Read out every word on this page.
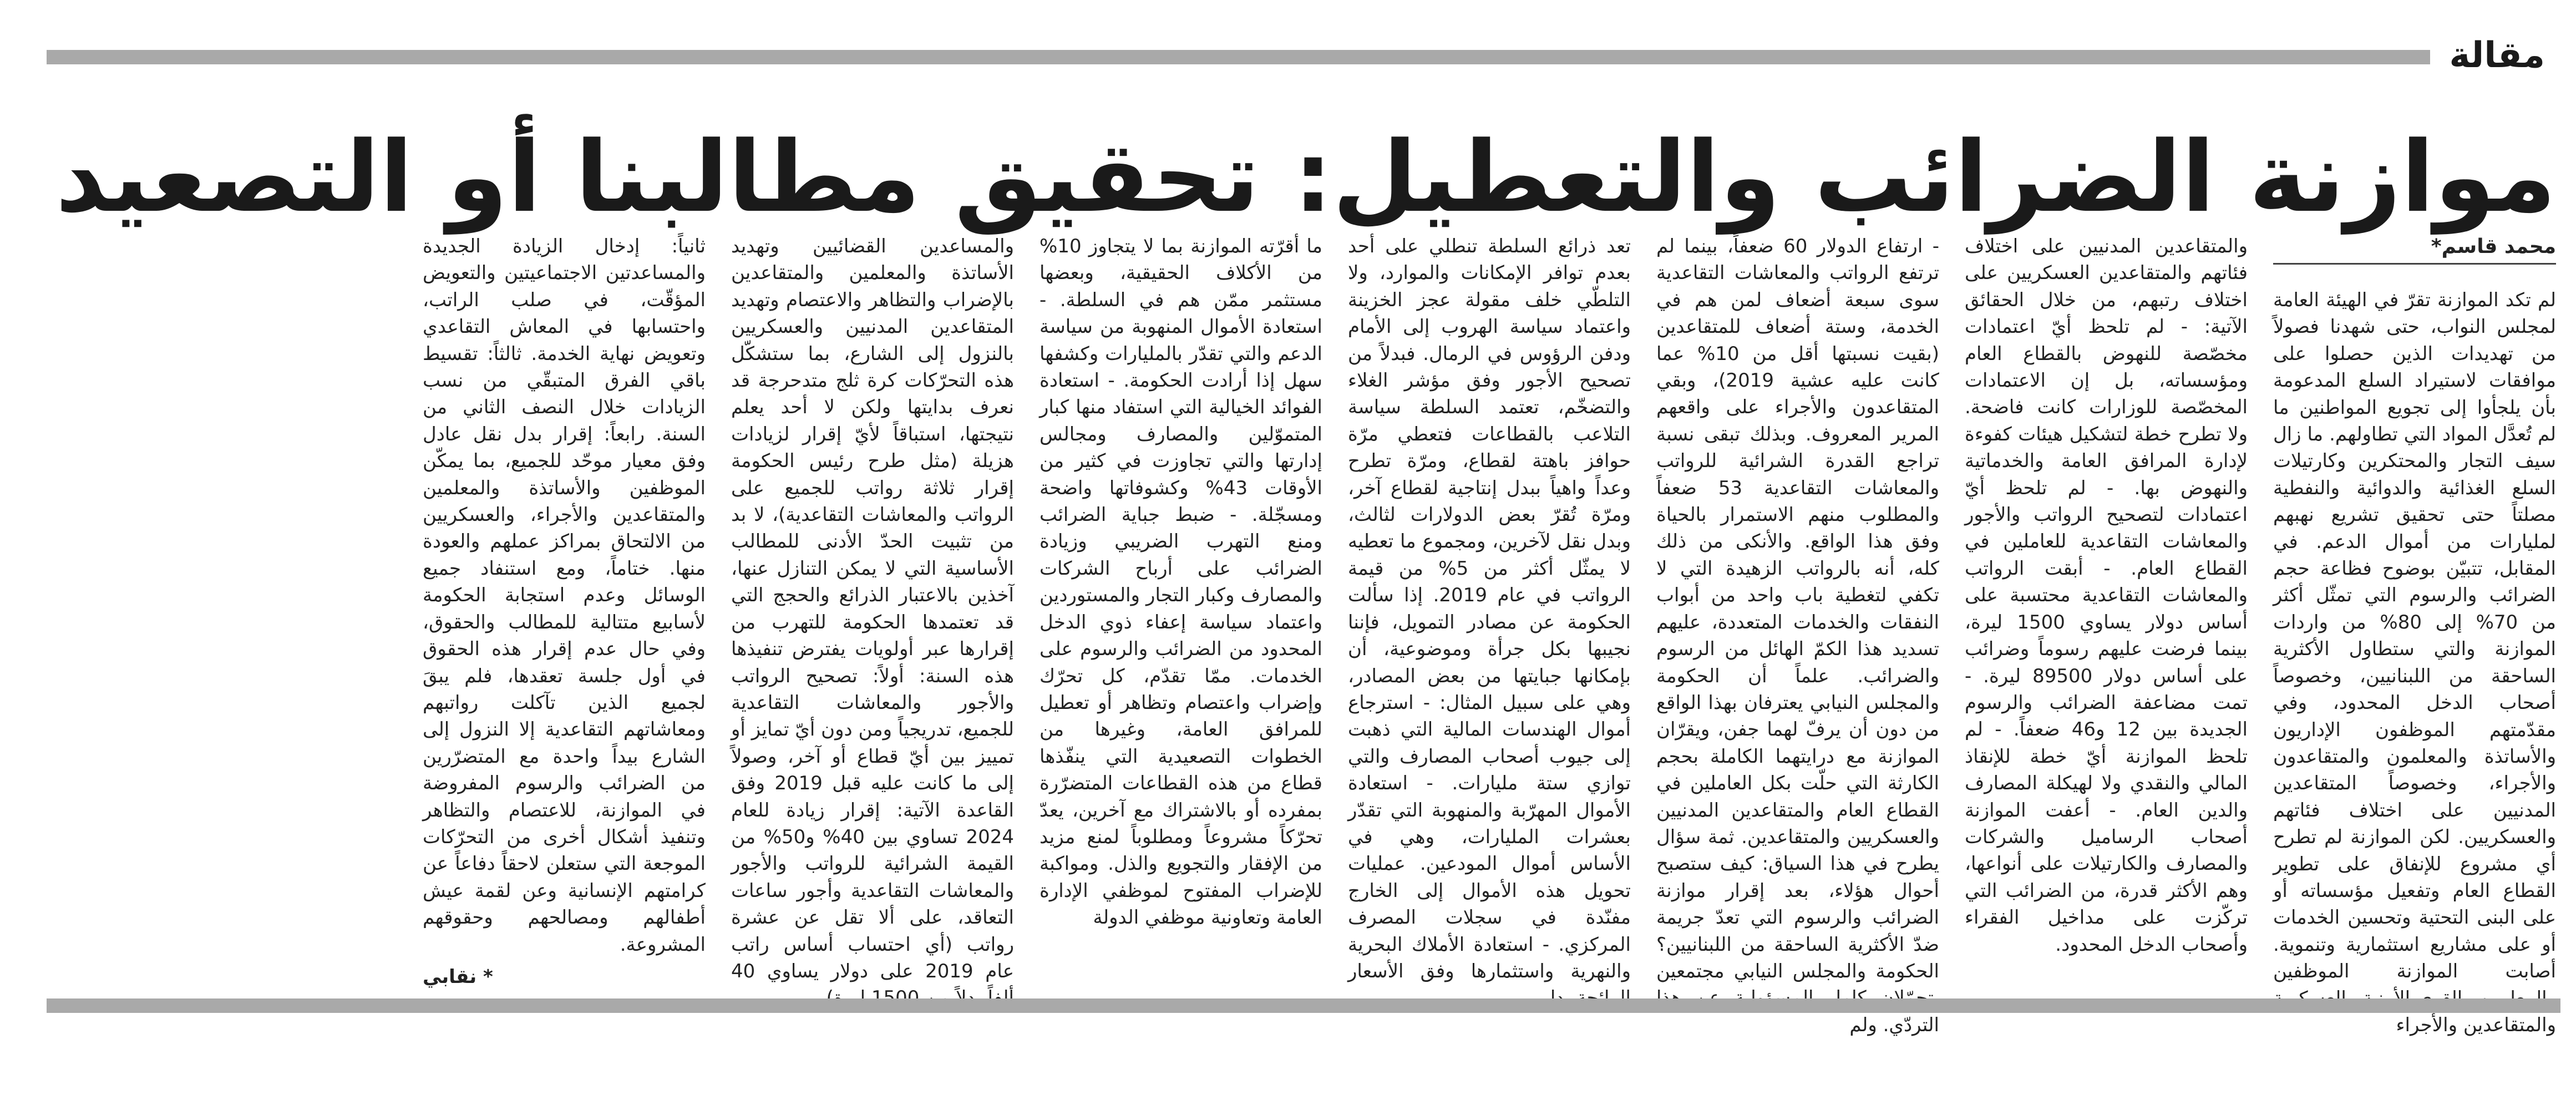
مقالة
موازنة الضرائب والتعطيل: تحقيق مطالبنا أو التصعيد

محمد قاسم*

لم تكد الموازنة تقرّ في الهيئة العامة لمجلس النواب، حتى شهدنا فصولاً من تهديدات الذين حصلوا على موافقات لاستيراد السلع المدعومة بأن يلجأوا إلى تجويع المواطنين ما لم تُعدَّل المواد التي تطاولهم. ما زال سيف التجار والمحتكرين وكارتيلات السلع الغذائية والدوائية والنفطية مصلتاً حتى تحقيق تشريع نهبهم لمليارات من أموال الدعم. في المقابل، تتبيّن بوضوح فظاعة حجم الضرائب والرسوم التي تمثّل أكثر من 70% إلى 80% من واردات الموازنة والتي ستطاول الأكثرية الساحقة من اللبنانيين، وخصوصاً أصحاب الدخل المحدود، وفي مقدّمتهم الموظفون الإداريون والأساتذة والمعلمون والمتقاعدون والأجراء، وخصوصاً المتقاعدين المدنيين على اختلاف فئاتهم والعسكريين. لكن الموازنة لم تطرح أي مشروع للإنفاق على تطوير القطاع العام وتفعيل مؤسساته أو على البنى التحتية وتحسين الخدمات أو على مشاريع استثمارية وتنموية. أصابت الموازنة الموظفين والمتقاعدين والأجراء

والمتقاعدين المدنيين على اختلاف فئاتهم والمتقاعدين العسكريين على اختلاف رتبهم، من خلال الحقائق الآتية: - لم تلحظ أيّ اعتمادات مخصّصة للنهوض بالقطاع العام ومؤسساته، بل إن الاعتمادات المخصّصة للوزارات كانت فاضحة. ولا تطرح خطة لتشكيل هيئات كفوءة لإدارة المرافق العامة والخدماتية والنهوض بها. - لم تلحظ أيّ اعتمادات لتصحيح الرواتب والأجور والمعاشات التقاعدية للعاملين في القطاع العام. - أبقت الرواتب والمعاشات التقاعدية محتسبة على أساس دولار يساوي 1500 ليرة، بينما فرضت عليهم رسوماً وضرائب على أساس دولار 89500 ليرة. - تمت مضاعفة الضرائب والرسوم الجديدة بين 12 و46 ضعفاً. - لم تلحظ الموازنة أيّ خطة للإنقاذ المالي والنقدي ولا لهيكلة المصارف والدين العام. - أعفت الموازنة أصحاب الرساميل والشركات والمصارف والكارتيلات على أنواعها، وهم الأكثر قدرة، من الضرائب التي تركّزت على مداخيل الفقراء وأصحاب الدخل المحدود.

- ارتفاع الدولار 60 ضعفاً، بينما لم ترتفع الرواتب والمعاشات التقاعدية سوى سبعة أضعاف لمن هم في الخدمة، وستة أضعاف للمتقاعدين (بقيت نسبتها أقل من 10% عما كانت عليه عشية 2019)، وبقي المتقاعدون والأجراء على واقعهم المرير المعروف. وبذلك تبقى نسبة تراجع القدرة الشرائية للرواتب والمعاشات التقاعدية 53 ضعفاً والمطلوب منهم الاستمرار بالحياة وفق هذا الواقع. والأنكى من ذلك كله، أنه بالرواتب الزهيدة التي لا تكفي لتغطية باب واحد من أبواب النفقات والخدمات المتعددة، عليهم تسديد هذا الكمّ الهائل من الرسوم والضرائب. علماً أن الحكومة والمجلس النيابي يعترفان بهذا الواقع من دون أن يرفّ لهما جفن، ويقرّان الموازنة مع درايتهما الكاملة بحجم الكارثة التي حلّت بكل العاملين في القطاع العام والمتقاعدين المدنيين والعسكريين والمتقاعدين. ثمة سؤال يطرح في هذا السياق: كيف ستصبح أحوال هؤلاء، بعد إقرار موازنة الضرائب والرسوم التي تعدّ جريمة ضدّ الأكثرية الساحقة من اللبنانيين؟ الحكومة والمجلس النيابي مجتمعين التردّي. ولم

تعد ذرائع السلطة تنطلي على أحد بعدم توافر الإمكانات والموارد، ولا التلطّي خلف مقولة عجز الخزينة واعتماد سياسة الهروب إلى الأمام ودفن الرؤوس في الرمال. فبدلاً من تصحيح الأجور وفق مؤشر الغلاء والتضخّم، تعتمد السلطة سياسة التلاعب بالقطاعات فتعطي مرّة حوافز باهتة لقطاع، ومرّة تطرح وعداً واهياً ببدل إنتاجية لقطاع آخر، ومرّة تُقرّ بعض الدولارات لثالث، وبدل نقل لآخرين، ومجموع ما تعطيه لا يمثّل أكثر من 5% من قيمة الرواتب في عام 2019. إذا سألت الحكومة عن مصادر التمويل، فإننا نجيبها بكل جرأة وموضوعية، أن بإمكانها جبايتها من بعض المصادر، وهي على سبيل المثال: - استرجاع أموال الهندسات المالية التي ذهبت إلى جيوب أصحاب المصارف والتي توازي ستة مليارات. - استعادة الأموال المهرّبة والمنهوبة التي تقدّر بعشرات المليارات، وهي في الأساس أموال المودعين. عمليات تحويل هذه الأموال إلى الخارج مفنّدة في سجلات المصرف المركزي. - استعادة الأملاك البحرية والنهرية واستثمارها وفق الأسعار

ما أقرّته الموازنة بما لا يتجاوز 10% من الأكلاف الحقيقية، وبعضها مستثمر ممّن هم في السلطة. - استعادة الأموال المنهوبة من سياسة الدعم والتي تقدّر بالمليارات وكشفها سهل إذا أرادت الحكومة. - استعادة الفوائد الخيالية التي استفاد منها كبار المتموّلين والمصارف ومجالس إدارتها والتي تجاوزت في كثير من الأوقات 43% وكشوفاتها واضحة ومسجّلة. - ضبط جباية الضرائب ومنع التهرب الضريبي وزيادة الضرائب على أرباح الشركات والمصارف وكبار التجار والمستوردين واعتماد سياسة إعفاء ذوي الدخل المحدود من الضرائب والرسوم على الخدمات. ممّا تقدّم، كل تحرّك وإضراب واعتصام وتظاهر أو تعطيل للمرافق العامة، وغيرها من الخطوات التصعيدية التي ينفّذها قطاع من هذه القطاعات المتضرّرة بمفرده أو بالاشتراك مع آخرين، يعدّ تحرّكاً مشروعاً ومطلوباً لمنع مزيد من الإفقار والتجويع والذل. ومواكبة للإضراب المفتوح لموظفي الإدارة العامة وتعاونية موظفي الدولة

والمساعدين القضائيين وتهديد الأساتذة والمعلمين والمتقاعدين بالإضراب والتظاهر والاعتصام وتهديد المتقاعدين المدنيين والعسكريين بالنزول إلى الشارع، بما ستشكّل هذه التحرّكات كرة ثلج متدحرجة قد نعرف بدايتها ولكن لا أحد يعلم نتيجتها، استباقاً لأيّ إقرار لزيادات هزيلة (مثل طرح رئيس الحكومة إقرار ثلاثة رواتب للجميع على الرواتب والمعاشات التقاعدية)، لا بد من تثبيت الحدّ الأدنى للمطالب الأساسية التي لا يمكن التنازل عنها، آخذين بالاعتبار الذرائع والحجج التي قد تعتمدها الحكومة للتهرب من إقرارها عبر أولويات يفترض تنفيذها هذه السنة: أولاً: تصحيح الرواتب والأجور والمعاشات التقاعدية للجميع، تدريجياً ومن دون أيّ تمايز أو تمييز بين أيّ قطاع أو آخر، وصولاً إلى ما كانت عليه قبل 2019 وفق القاعدة الآتية: إقرار زيادة للعام 2024 تساوي بين 40% و50% من القيمة الشرائية للرواتب والأجور والمعاشات التقاعدية وأجور ساعات التعاقد، على ألا تقل عن عشرة رواتب (أي احتساب أساس راتب عام 2019 على دولار يساوي 40

ثانياً: إدخال الزيادة الجديدة والمساعدتين الاجتماعيتين والتعويض المؤقّت، في صلب الراتب، واحتسابها في المعاش التقاعدي وتعويض نهاية الخدمة. ثالثاً: تقسيط باقي الفرق المتبقّي من نسب الزيادات خلال النصف الثاني من السنة. رابعاً: إقرار بدل نقل عادل وفق معيار موحّد للجميع، بما يمكّن الموظفين والأساتذة والمعلمين والمتقاعدين والأجراء، والعسكريين من الالتحاق بمراكز عملهم والعودة منها. ختاماً، ومع استنفاد جميع الوسائل وعدم استجابة الحكومة لأسابيع متتالية للمطالب والحقوق، وفي حال عدم إقرار هذه الحقوق في أول جلسة تعقدها، فلم يبقَ لجميع الذين تآكلت رواتبهم ومعاشاتهم التقاعدية إلا النزول إلى الشارع بيداً واحدة مع المتضرّرين من الضرائب والرسوم المفروضة في الموازنة، للاعتصام والتظاهر وتنفيذ أشكال أخرى من التحرّكات الموجعة التي ستعلن لاحقاً دفاعاً عن كرامتهم الإنسانية وعن لقمة عيش أطفالهم ومصالحهم وحقوقهم المشروعة.

* نقابي
